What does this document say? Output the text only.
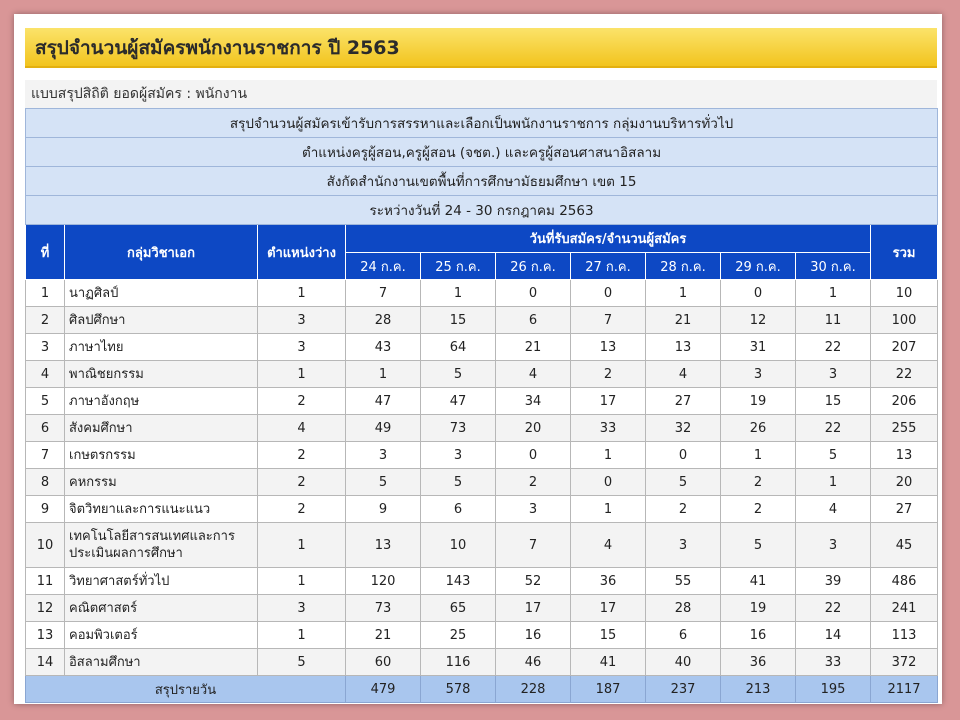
สรุปจำนวนผู้สมัครพนักงานราชการ ปี 2563
แบบสรุปสิถิติ ยอดผู้สมัคร : พนักงาน
สรุปจำนวนผู้สมัครเข้ารับการสรรหาและเลือกเป็นพนักงานราชการ กลุ่มงานบริหารทั่วไป										
ตำแหน่งครูผู้สอน,ครูผู้สอน (จชต.) และครูผู้สอนศาสนาอิสลาม										
สังกัดสำนักงานเขตพื้นที่การศึกษามัธยมศึกษา เขต 15										
ระหว่างวันที่ 24 - 30 กรกฎาคม 2563										
ที่	กลุ่มวิชาเอก	ตำแหน่งว่าง	วันที่รับสมัคร/จำนวนผู้สมัคร							รวม
			24 ก.ค.	25 ก.ค.	26 ก.ค.	27 ก.ค.	28 ก.ค.	29 ก.ค.	30 ก.ค.	
1	นาฏศิลป์	1	7	1	0	0	1	0	1	10
2	ศิลปศึกษา	3	28	15	6	7	21	12	11	100
3	ภาษาไทย	3	43	64	21	13	13	31	22	207
4	พาณิชยกรรม	1	1	5	4	2	4	3	3	22
5	ภาษาอังกฤษ	2	47	47	34	17	27	19	15	206
6	สังคมศึกษา	4	49	73	20	33	32	26	22	255
7	เกษตรกรรม	2	3	3	0	1	0	1	5	13
8	คหกรรม	2	5	5	2	0	5	2	1	20
9	จิตวิทยาและการแนะแนว	2	9	6	3	1	2	2	4	27
10	เทคโนโลยีสารสนเทศและการประเมินผลการศึกษา	1	13	10	7	4	3	5	3	45
11	วิทยาศาสตร์ทั่วไป	1	120	143	52	36	55	41	39	486
12	คณิตศาสตร์	3	73	65	17	17	28	19	22	241
13	คอมพิวเตอร์	1	21	25	16	15	6	16	14	113
14	อิสลามศึกษา	5	60	116	46	41	40	36	33	372
สรุปรายวัน			479	578	228	187	237	213	195	2117
